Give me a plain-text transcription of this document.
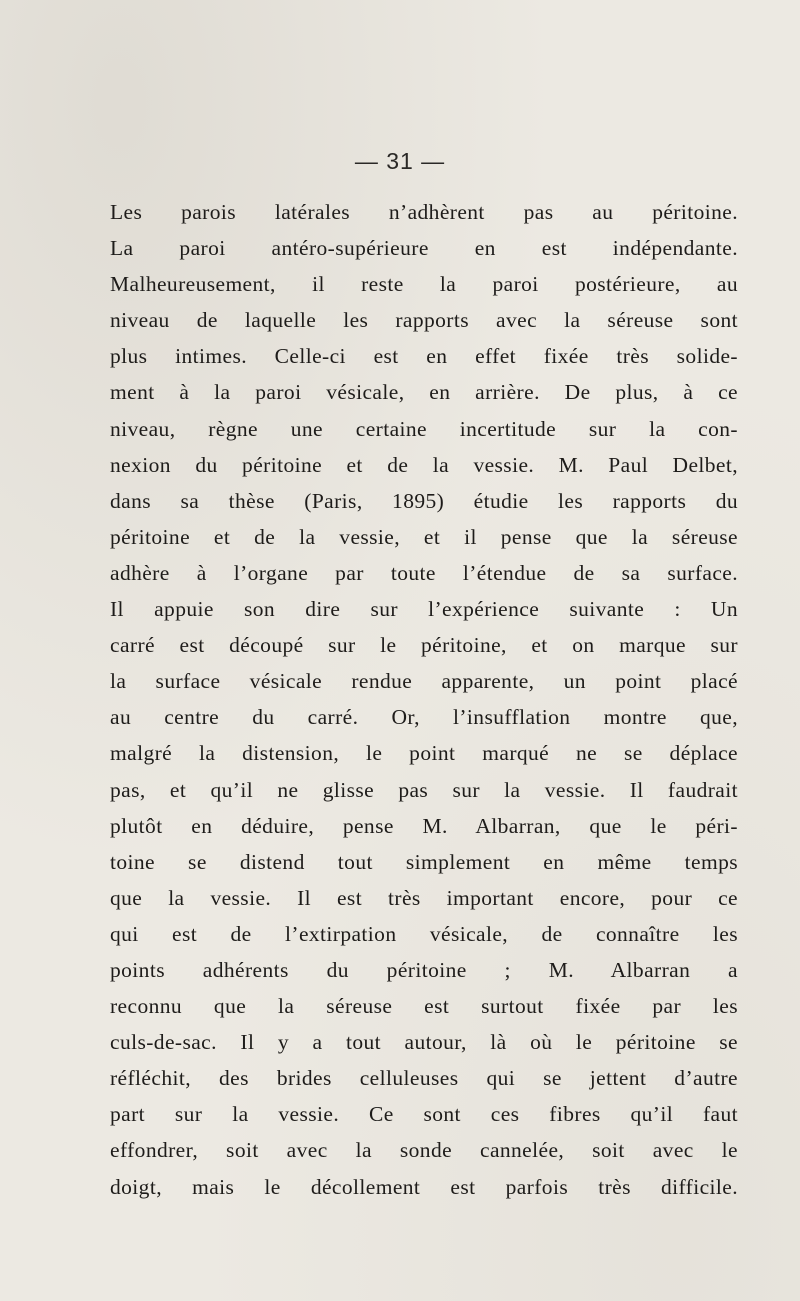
— 31 —
Les parois latérales n’adhèrent pas au péritoine.
La paroi antéro-supérieure en est indépendante.
Malheureusement, il reste la paroi postérieure, au
niveau de laquelle les rapports avec la séreuse sont
plus intimes. Celle-ci est en effet fixée très solide-
ment à la paroi vésicale, en arrière. De plus, à ce
niveau, règne une certaine incertitude sur la con-
nexion du péritoine et de la vessie. M. Paul Delbet,
dans sa thèse (Paris, 1895) étudie les rapports du
péritoine et de la vessie, et il pense que la séreuse
adhère à l’organe par toute l’étendue de sa surface.
Il appuie son dire sur l’expérience suivante : Un
carré est découpé sur le péritoine, et on marque sur
la surface vésicale rendue apparente, un point placé
au centre du carré. Or, l’insufflation montre que,
malgré la distension, le point marqué ne se déplace
pas, et qu’il ne glisse pas sur la vessie. Il faudrait
plutôt en déduire, pense M. Albarran, que le péri-
toine se distend tout simplement en même temps
que la vessie. Il est très important encore, pour ce
qui est de l’extirpation vésicale, de connaître les
points adhérents du péritoine ; M. Albarran a
reconnu que la séreuse est surtout fixée par les
culs-de-sac. Il y a tout autour, là où le péritoine se
réfléchit, des brides celluleuses qui se jettent d’autre
part sur la vessie. Ce sont ces fibres qu’il faut
effondrer, soit avec la sonde cannelée, soit avec le
doigt, mais le décollement est parfois très difficile.
